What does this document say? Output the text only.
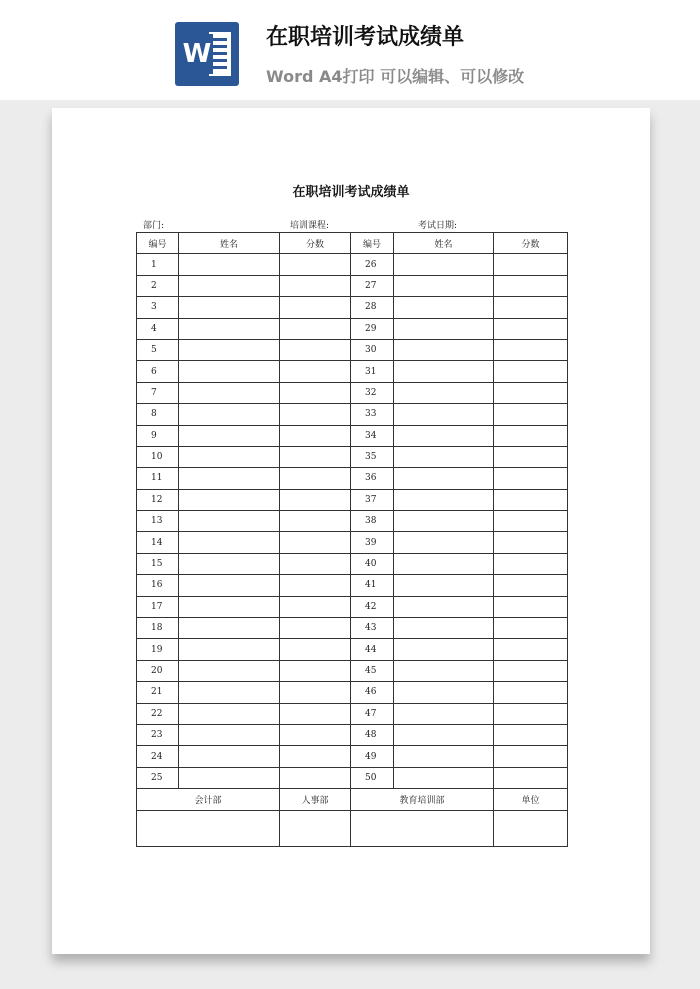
W
在职培训考试成绩单
Word A4打印 可以编辑、可以修改
在职培训考试成绩单
部门:	培训课程:	考试日期:
编号	姓名	分数	编号	姓名	分数
1			26		
2			27		
3			28		
4			29		
5			30		
6			31		
7			32		
8			33		
9			34		
10			35		
11			36		
12			37		
13			38		
14			39		
15			40		
16			41		
17			42		
18			43		
19			44		
20			45		
21			46		
22			47		
23			48		
24			49		
25			50		
会计部		人事部	教育培训部		单位
